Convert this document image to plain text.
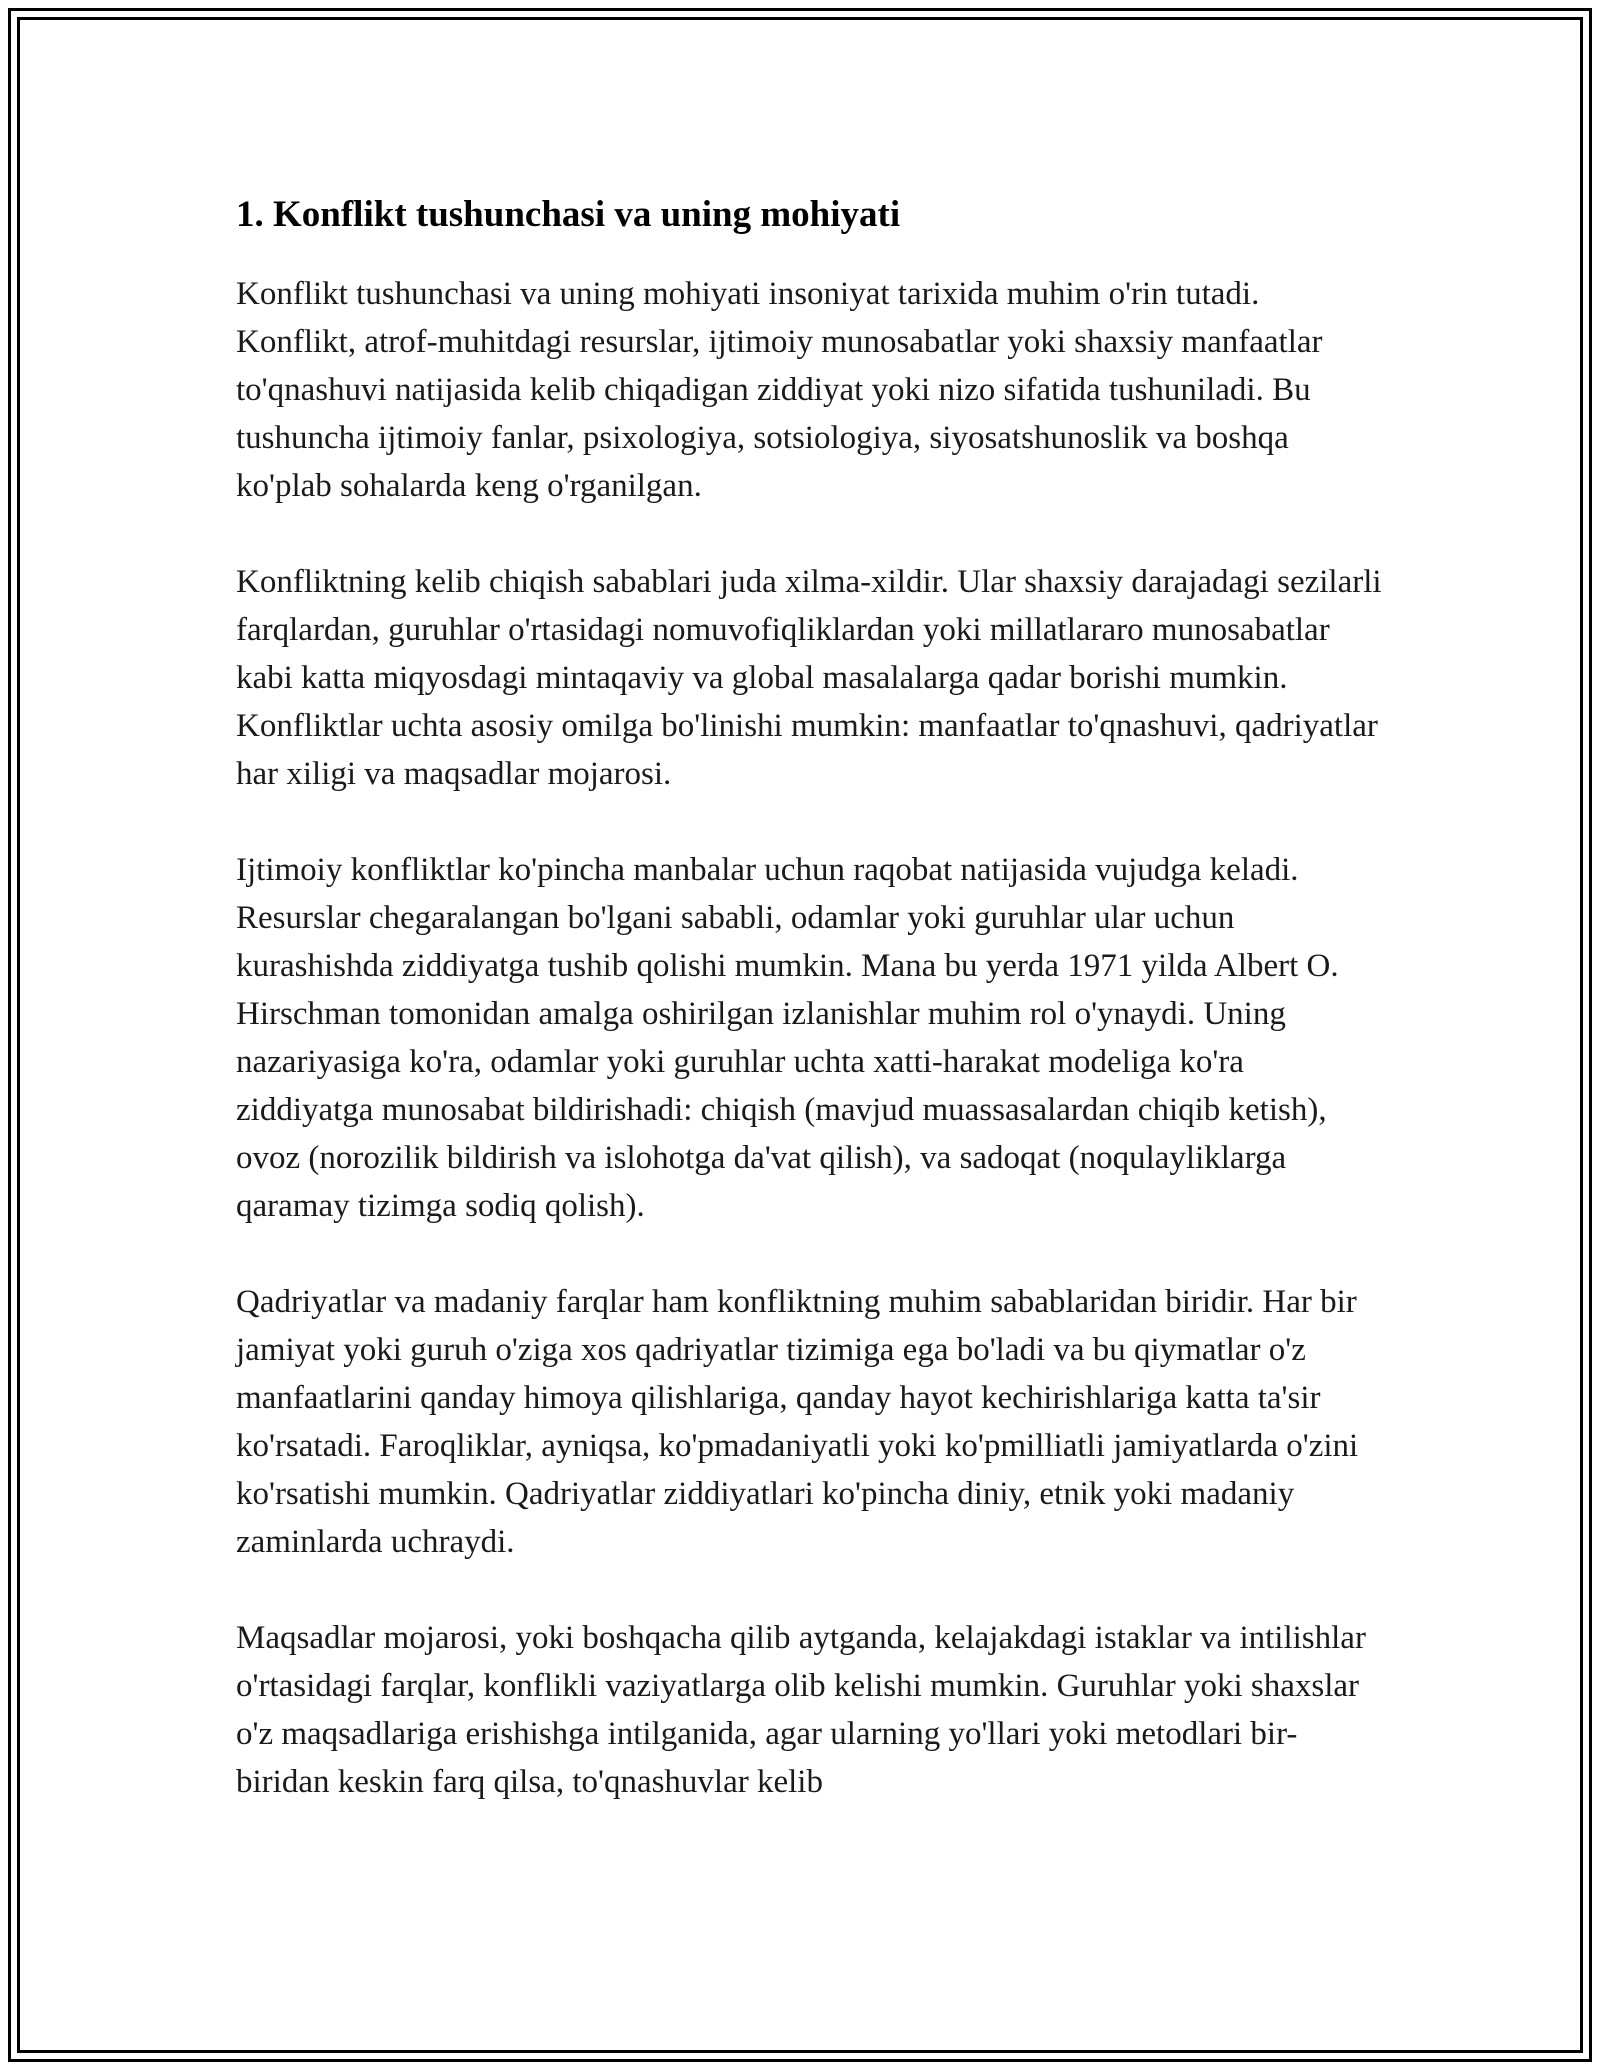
1. Konflikt tushunchasi va uning mohiyati

Konflikt tushunchasi va uning mohiyati insoniyat tarixida muhim o'rin tutadi. Konflikt, atrof-muhitdagi resurslar, ijtimoiy munosabatlar yoki shaxsiy manfaatlar to'qnashuvi natijasida kelib chiqadigan ziddiyat yoki nizo sifatida tushuniladi. Bu tushuncha ijtimoiy fanlar, psixologiya, sotsiologiya, siyosatshunoslik va boshqa ko'plab sohalarda keng o'rganilgan.

Konfliktning kelib chiqish sabablari juda xilma-xildir. Ular shaxsiy darajadagi sezilarli farqlardan, guruhlar o'rtasidagi nomuvofiqliklardan yoki millatlararo munosabatlar kabi katta miqyosdagi mintaqaviy va global masalalarga qadar borishi mumkin. Konfliktlar uchta asosiy omilga bo'linishi mumkin: manfaatlar to'qnashuvi, qadriyatlar har xiligi va maqsadlar mojarosi.

Ijtimoiy konfliktlar ko'pincha manbalar uchun raqobat natijasida vujudga keladi. Resurslar chegaralangan bo'lgani sababli, odamlar yoki guruhlar ular uchun kurashishda ziddiyatga tushib qolishi mumkin. Mana bu yerda 1971 yilda Albert O. Hirschman tomonidan amalga oshirilgan izlanishlar muhim rol o'ynaydi. Uning nazariyasiga ko'ra, odamlar yoki guruhlar uchta xatti-harakat modeliga ko'ra ziddiyatga munosabat bildirishadi: chiqish (mavjud muassasalardan chiqib ketish), ovoz (norozilik bildirish va islohotga da'vat qilish), va sadoqat (noqulayliklarga qaramay tizimga sodiq qolish).

Qadriyatlar va madaniy farqlar ham konfliktning muhim sabablaridan biridir. Har bir jamiyat yoki guruh o'ziga xos qadriyatlar tizimiga ega bo'ladi va bu qiymatlar o'z manfaatlarini qanday himoya qilishlariga, qanday hayot kechirishlariga katta ta'sir ko'rsatadi. Faroqliklar, ayniqsa, ko'pmadaniyatli yoki ko'pmilliatli jamiyatlarda o'zini ko'rsatishi mumkin. Qadriyatlar ziddiyatlari ko'pincha diniy, etnik yoki madaniy zaminlarda uchraydi.

Maqsadlar mojarosi, yoki boshqacha qilib aytganda, kelajakdagi istaklar va intilishlar o'rtasidagi farqlar, konflikli vaziyatlarga olib kelishi mumkin. Guruhlar yoki shaxslar o'z maqsadlariga erishishga intilganida, agar ularning yo'llari yoki metodlari bir-biridan keskin farq qilsa, to'qnashuvlar kelib
